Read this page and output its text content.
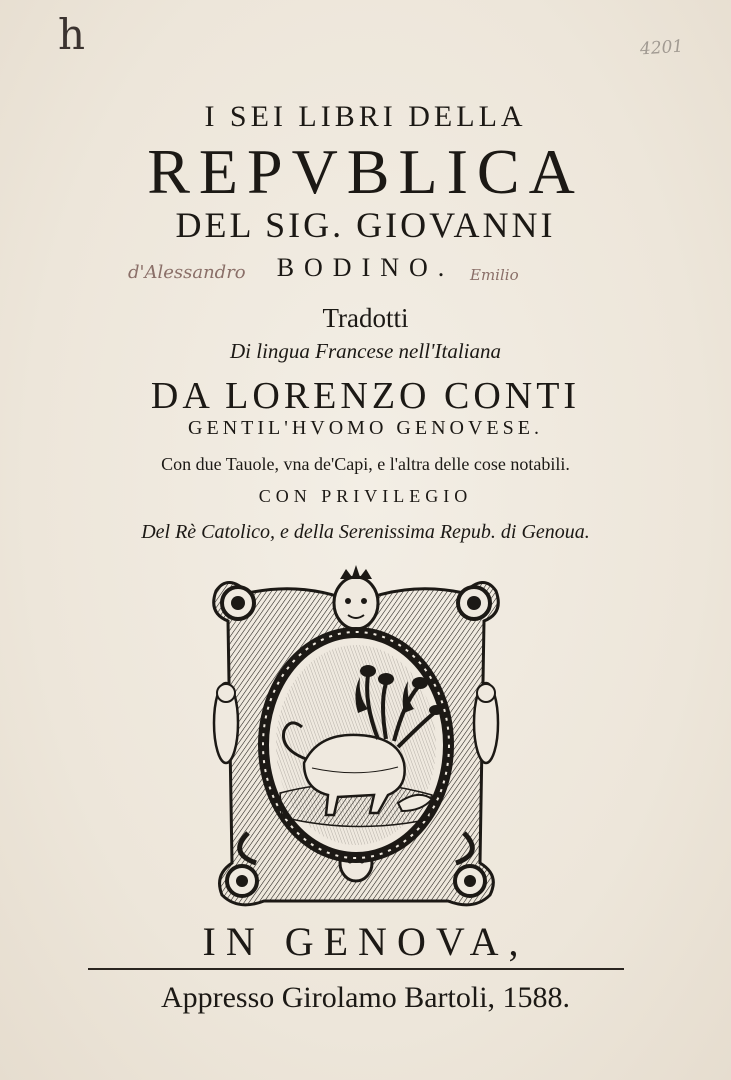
h	4201
I SEI LIBRI DELLA
REPVBLICA
DEL SIG. GIOVANNI
d'Alessandro	BODINO.	Emilio
Tradotti
Di lingua Francese nell'Italiana
DA LORENZO CONTI
GENTIL'HVOMO GENOVESE.
Con due Tauole, vna de'Capi, e l'altra delle cose notabili.
CON PRIVILEGIO
Del Rè Catolico, e della Serenissima Repub. di Genoua.
IN GENOVA,
Appresso Girolamo Bartoli, 1588.
